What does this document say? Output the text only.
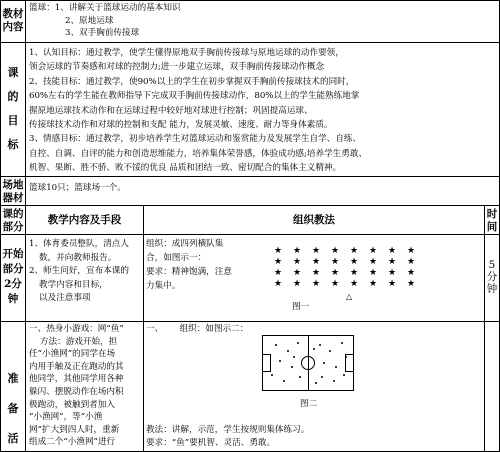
教材
内容
篮球：1、讲解关于篮球运动的基本知识
2、原地运球
3、双手胸前传接球
课
的
目
标
1、认知目标：通过教学，使学生懂得原地双手胸前传接球与原地运球的动作要领，
领会运球的节奏感和对球的控制力;进一步建立运球，双手胸前传接球动作概念
2、技能目标：通过教学，使90%以上的学生在初步掌握双手胸前传接球技术的同时，
60%左右的学生能在教师指导下完成双手胸前传接球动作，80%以上的学生能熟练地掌
握原地运球技术动作和在运球过程中较好地对球进行控制；巩固提高运球、
传接球技术动作和对球的控制和支配 能力，发展灵敏、速度、耐力等身体素质。
3、情感目标：通过教学，初步培养学生对篮球运动和鉴赏能力及发展学生自学、自练、
自控、自调、自评的能力和创造思维能力，培养集体荣誉感，体验成功感;培养学生勇敢、
机智、果断、胜不骄、败不馁的优良 品质和团结一致、密切配合的集体主义精神。
场地
器材
篮球10只；篮球场一个。
课的
部分
教学内容及手段	组织教法	时
间
开始
部分
2分
钟
1、体育委员整队，清点人
数，并向教师报告。
2、师生问好，宣布本课的
教学内容和目标，
以及注意事项
组织：成四列横队集
合，如图示一：
要求：精神饱满，注意
力集中。
★ ★ ★ ★ ★ ★ ★ ★
★ ★ ★ ★ ★ ★ ★ ★
★ ★ ★ ★ ★ ★ ★ ★
★ ★ ★ ★ ★ ★ ★ ★
△
图一
5
分
钟
准
备
活
一、热身小游戏：网“鱼”
方法：游戏开始，担
任“小渔网”的同学在场
内用手触及正在跑动的其
他同学，其他同学用各种
躲闪、摆脱动作在场内积
极跑动，被触到者加入
“小渔网”，等“小渔
网”扩大到四人时，重新
组成二个“小渔网”进行
一、      组织：如图示二：
图二
教法：讲解，示范，学生按规则集体练习。
要求：“鱼”要机智、灵活、勇敢。
